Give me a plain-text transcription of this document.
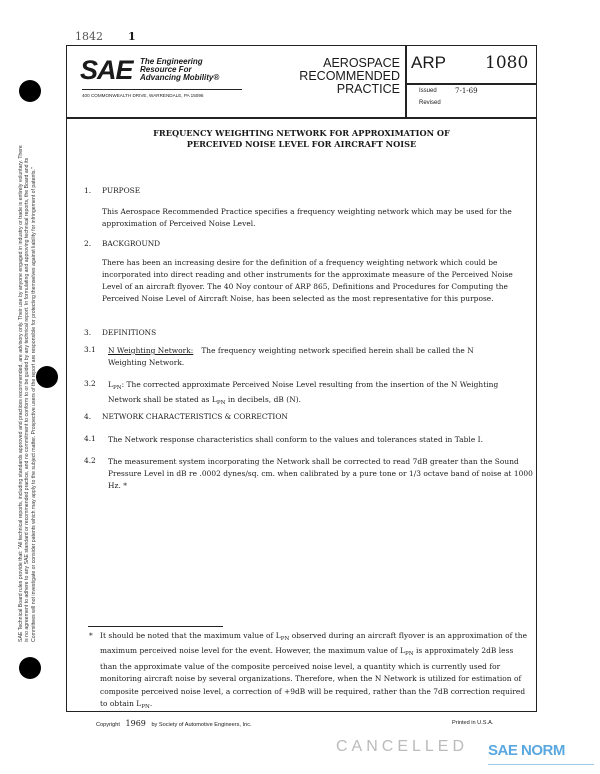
1842 1
SAE Technical Board rules provide that: "All technical reports, including standards approved and practices recommended, are advisory only. Their use by anyone engaged in industry or trade is entirely voluntary. There is no agreement to adhere to any SAE standard or recommended practice, and no commitment to conform to or be guided by any technical report. In formulating and approving technical reports, the Board and its Committees will not investigate or consider patents which may apply to the subject matter. Prospective users of the report are responsible for protecting themselves against liability for infringement of patents."
SAE The Engineering
Resource For
Advancing Mobility®
400 COMMONWEALTH DRIVE, WARRENDALE, PA 15096
AEROSPACE
RECOMMENDED
PRACTICE
ARP 1080
Issued	7-1-69
Revised
FREQUENCY WEIGHTING NETWORK FOR APPROXIMATION OF
PERCEIVED NOISE LEVEL FOR AIRCRAFT NOISE
1. PURPOSE
This Aerospace Recommended Practice specifies a frequency weighting network which may be used for the approximation of Perceived Noise Level.
2. BACKGROUND
There has been an increasing desire for the definition of a frequency weighting network which could be incorporated into direct reading and other instruments for the approximate measure of the Perceived Noise Level of an aircraft flyover. The 40 Noy contour of ARP 865, Definitions and Procedures for Computing the Perceived Noise Level of Aircraft Noise, has been selected as the most representative for this purpose.
3. DEFINITIONS
3.1 N Weighting Network: The frequency weighting network specified herein shall be called the N Weighting Network.
3.2 $L_{PN}$: The corrected approximate Perceived Noise Level resulting from the insertion of the N Weighting Network shall be stated as $L_{PN}$ in decibels, dB (N).
4. NETWORK CHARACTERISTICS & CORRECTION
4.1 The Network response characteristics shall conform to the values and tolerances stated in Table I.
4.2 The measurement system incorporating the Network shall be corrected to read 7dB greater than the Sound Pressure Level in dB re .0002 dynes/sq. cm. when calibrated by a pure tone or 1/3 octave band of noise at 1000 Hz. *
* It should be noted that the maximum value of $L_{PN}$ observed during an aircraft flyover is an approximation of the maximum perceived noise level for the event. However, the maximum value of $L_{PN}$ is approximately 2dB less than the approximate value of the composite perceived noise level, a quantity which is currently used for monitoring aircraft noise by several organizations. Therefore, when the N Network is utilized for estimation of composite perceived noise level, a correction of +9dB will be required, rather than the 7dB correction required to obtain $L_{PN}$.
Copyright 1969 by Society of Automotive Engineers, Inc.	Printed in U.S.A.
CANCELLED SAE NORM
